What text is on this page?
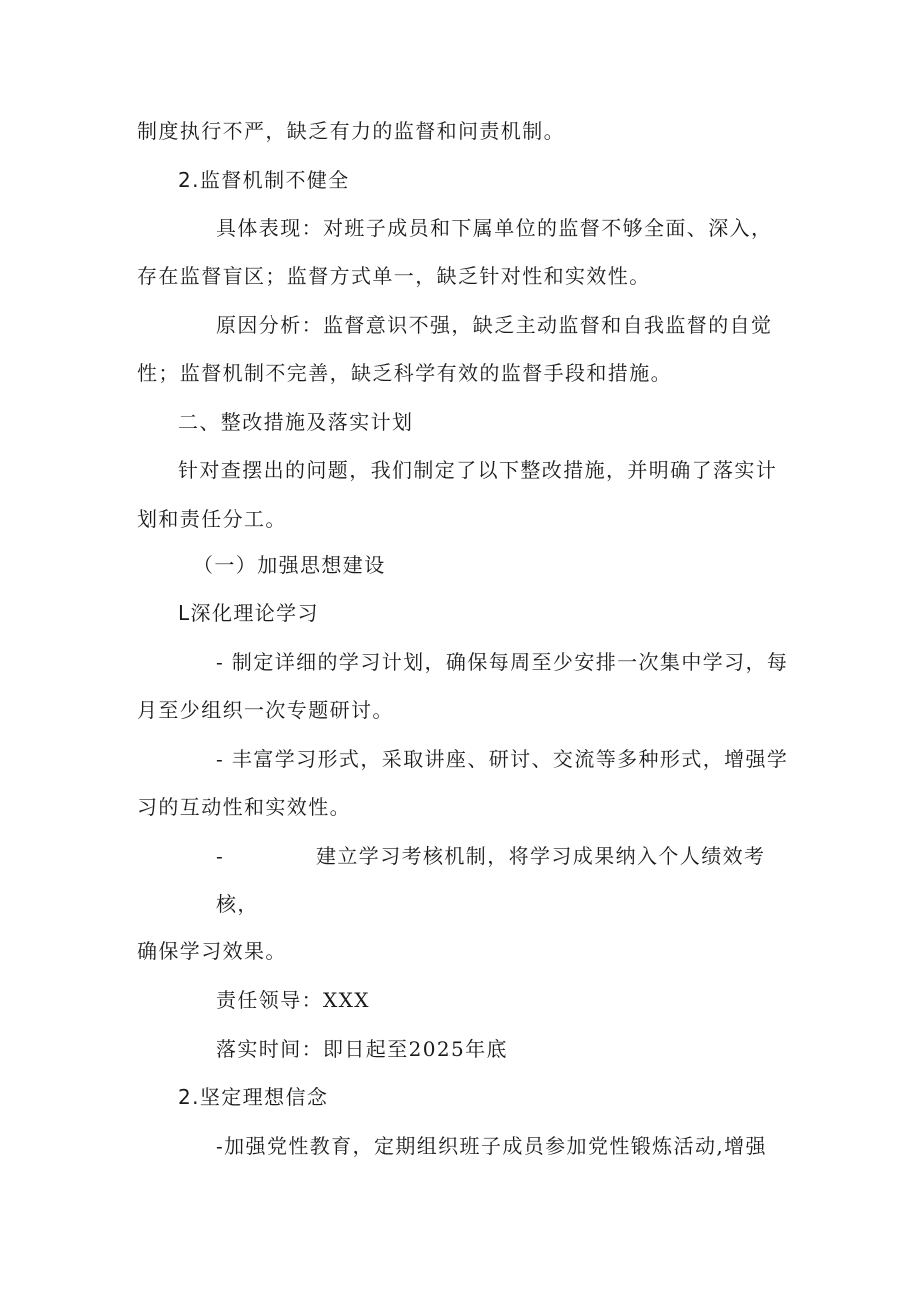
制度执行不严，缺乏有力的监督和问责机制。
2.监督机制不健全
具体表现：对班子成员和下属单位的监督不够全面、深入，
存在监督盲区；监督方式单一，缺乏针对性和实效性。
原因分析：监督意识不强，缺乏主动监督和自我监督的自觉
性；监督机制不完善，缺乏科学有效的监督手段和措施。
二、整改措施及落实计划
针对查摆出的问题，我们制定了以下整改措施，并明确了落实计
划和责任分工。
（一）加强思想建设
L深化理论学习
- 制定详细的学习计划，确保每周至少安排一次集中学习，每
月至少组织一次专题研讨。
- 丰富学习形式，采取讲座、研讨、交流等多种形式，增强学
习的互动性和实效性。
-	建立学习考核机制，将学习成果纳入个人绩效考
核，
确保学习效果。
责任领导：XXX
落实时间：即日起至2025年底
2.坚定理想信念
-加强党性教育，定期组织班子成员参加党性锻炼活动,增强
